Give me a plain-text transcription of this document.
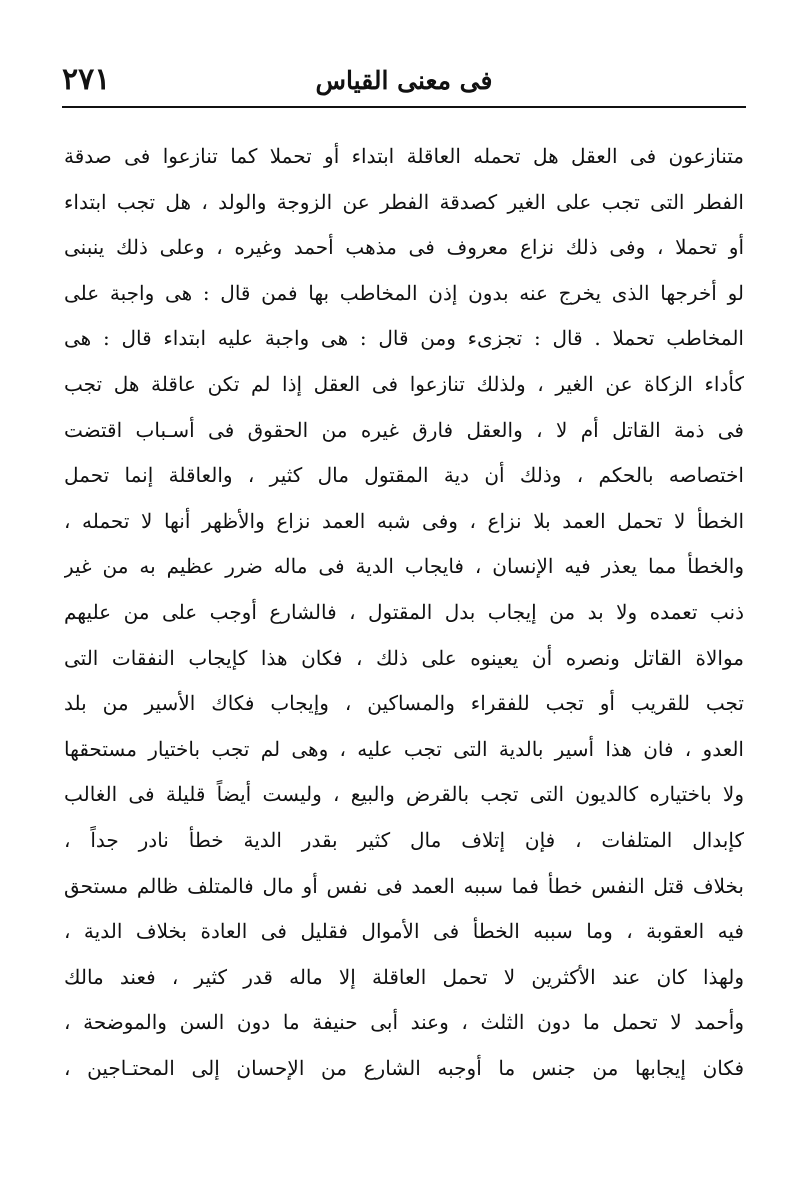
فى معنى القياس
٢٧١
متنازعون فى العقل هل تحمله العاقلة ابتداء أو تحملا كما تنازعوا فى صدقة
الفطر التى تجب على الغير كصدقة الفطر عن الزوجة والولد ، هل تجب ابتداء
أو تحملا ، وفى ذلك نزاع معروف فى مذهب أحمد وغيره ، وعلى ذلك ينبنى
لو أخرجها الذى يخرج عنه بدون إذن المخاطب بها فمن قال : هى واجبة على
المخاطب تحملا . قال : تجزىء ومن قال : هى واجبة عليه ابتداء قال : هى
كأداء الزكاة عن الغير ، ولذلك تنازعوا فى العقل إذا لم تكن عاقلة هل تجب
فى ذمة القاتل أم لا ، والعقل فارق غيره من الحقوق فى أسـباب اقتضت
اختصاصه بالحكم ، وذلك أن دية المقتول مال كثير ، والعاقلة إنما تحمل
الخطأ لا تحمل العمد بلا نزاع ، وفى شبه العمد نزاع والأظهر أنها لا تحمله ،
والخطأ مما يعذر فيه الإنسان ، فايجاب الدية فى ماله ضرر عظيم به من غير
ذنب تعمده ولا بد من إيجاب بدل المقتول ، فالشارع أوجب على من عليهم
موالاة القاتل ونصره أن يعينوه على ذلك ، فكان هذا كإيجاب النفقات التى
تجب للقريب أو تجب للفقراء والمساكين ، وإيجاب فكاك الأسير من بلد
العدو ، فان هذا أسير بالدية التى تجب عليه ، وهى لم تجب باختيار مستحقها
ولا باختياره كالديون التى تجب بالقرض والبيع ، وليست أيضاً قليلة فى الغالب
كإبدال المتلفات ، فإن إتلاف مال كثير بقدر الدية خطأ نادر جداً ،
بخلاف قتل النفس خطأ فما سببه العمد فى نفس أو مال فالمتلف ظالم مستحق
فيه العقوبة ، وما سببه الخطأ فى الأموال فقليل فى العادة بخلاف الدية ،
ولهذا كان عند الأكثرين لا تحمل العاقلة إلا ماله قدر كثير ، فعند مالك
وأحمد لا تحمل ما دون الثلث ، وعند أبى حنيفة ما دون السن والموضحة ،
فكان إيجابها من جنس ما أوجبه الشارع من الإحسان إلى المحتـاجين ،
